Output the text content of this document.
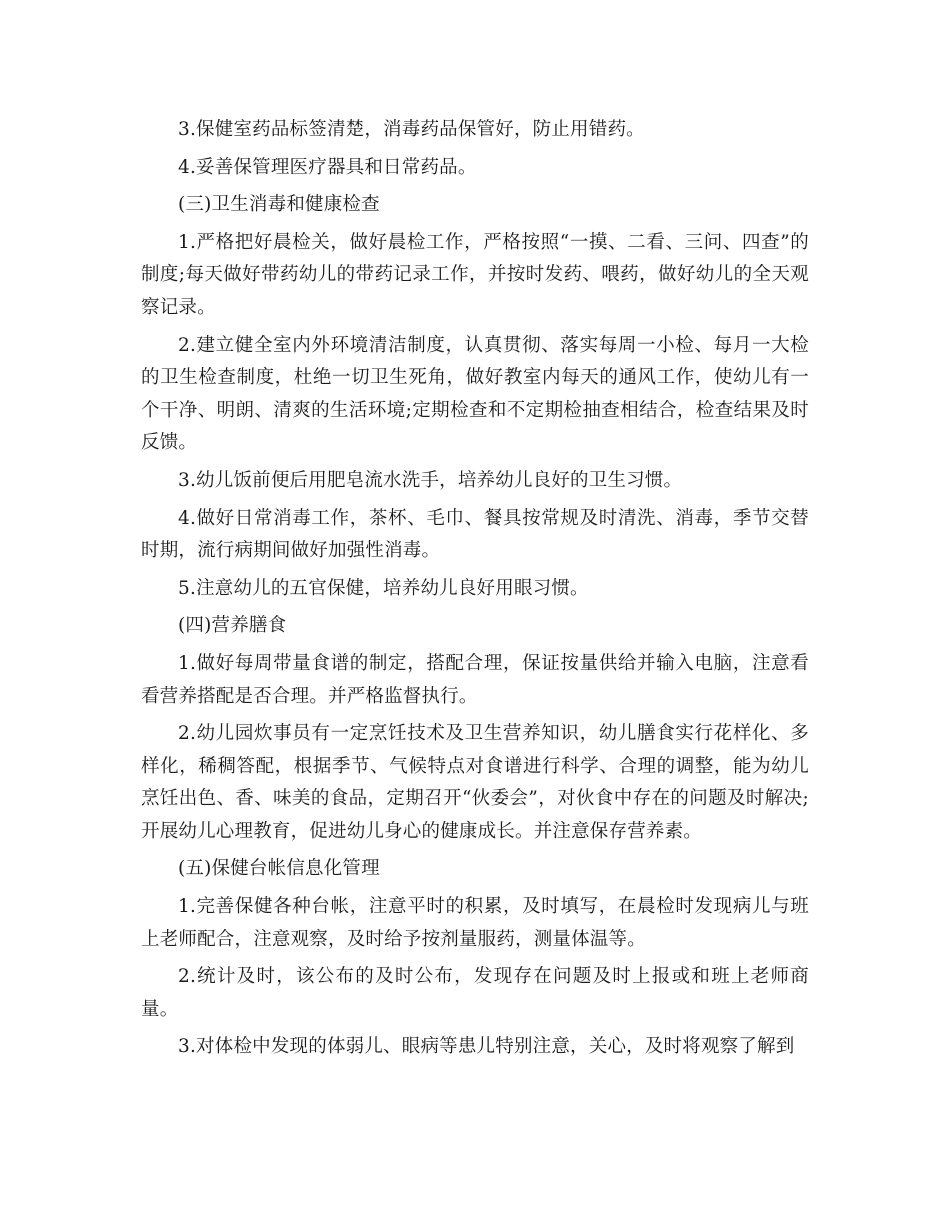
3.保健室药品标签清楚，消毒药品保管好，防止用错药。

4.妥善保管理医疗器具和日常药品。

(三)卫生消毒和健康检查

1.严格把好晨检关，做好晨检工作，严格按照“一摸、二看、三问、四查”的制度;每天做好带药幼儿的带药记录工作，并按时发药、喂药，做好幼儿的全天观察记录。

2.建立健全室内外环境清洁制度，认真贯彻、落实每周一小检、每月一大检的卫生检查制度，杜绝一切卫生死角，做好教室内每天的通风工作，使幼儿有一个干净、明朗、清爽的生活环境;定期检查和不定期检抽查相结合，检查结果及时反馈。

3.幼儿饭前便后用肥皂流水洗手，培养幼儿良好的卫生习惯。

4.做好日常消毒工作，茶杯、毛巾、餐具按常规及时清洗、消毒，季节交替时期，流行病期间做好加强性消毒。

5.注意幼儿的五官保健，培养幼儿良好用眼习惯。

(四)营养膳食

1.做好每周带量食谱的制定，搭配合理，保证按量供给并输入电脑，注意看看营养搭配是否合理。并严格监督执行。

2.幼儿园炊事员有一定烹饪技术及卫生营养知识，幼儿膳食实行花样化、多样化，稀稠答配，根据季节、气候特点对食谱进行科学、合理的调整，能为幼儿烹饪出色、香、味美的食品，定期召开“伙委会”，对伙食中存在的问题及时解决;开展幼儿心理教育，促进幼儿身心的健康成长。并注意保存营养素。

(五)保健台帐信息化管理

1.完善保健各种台帐，注意平时的积累，及时填写，在晨检时发现病儿与班上老师配合，注意观察，及时给予按剂量服药，测量体温等。

2.统计及时，该公布的及时公布，发现存在问题及时上报或和班上老师商量。

3.对体检中发现的体弱儿、眼病等患儿特别注意，关心，及时将观察了解到
